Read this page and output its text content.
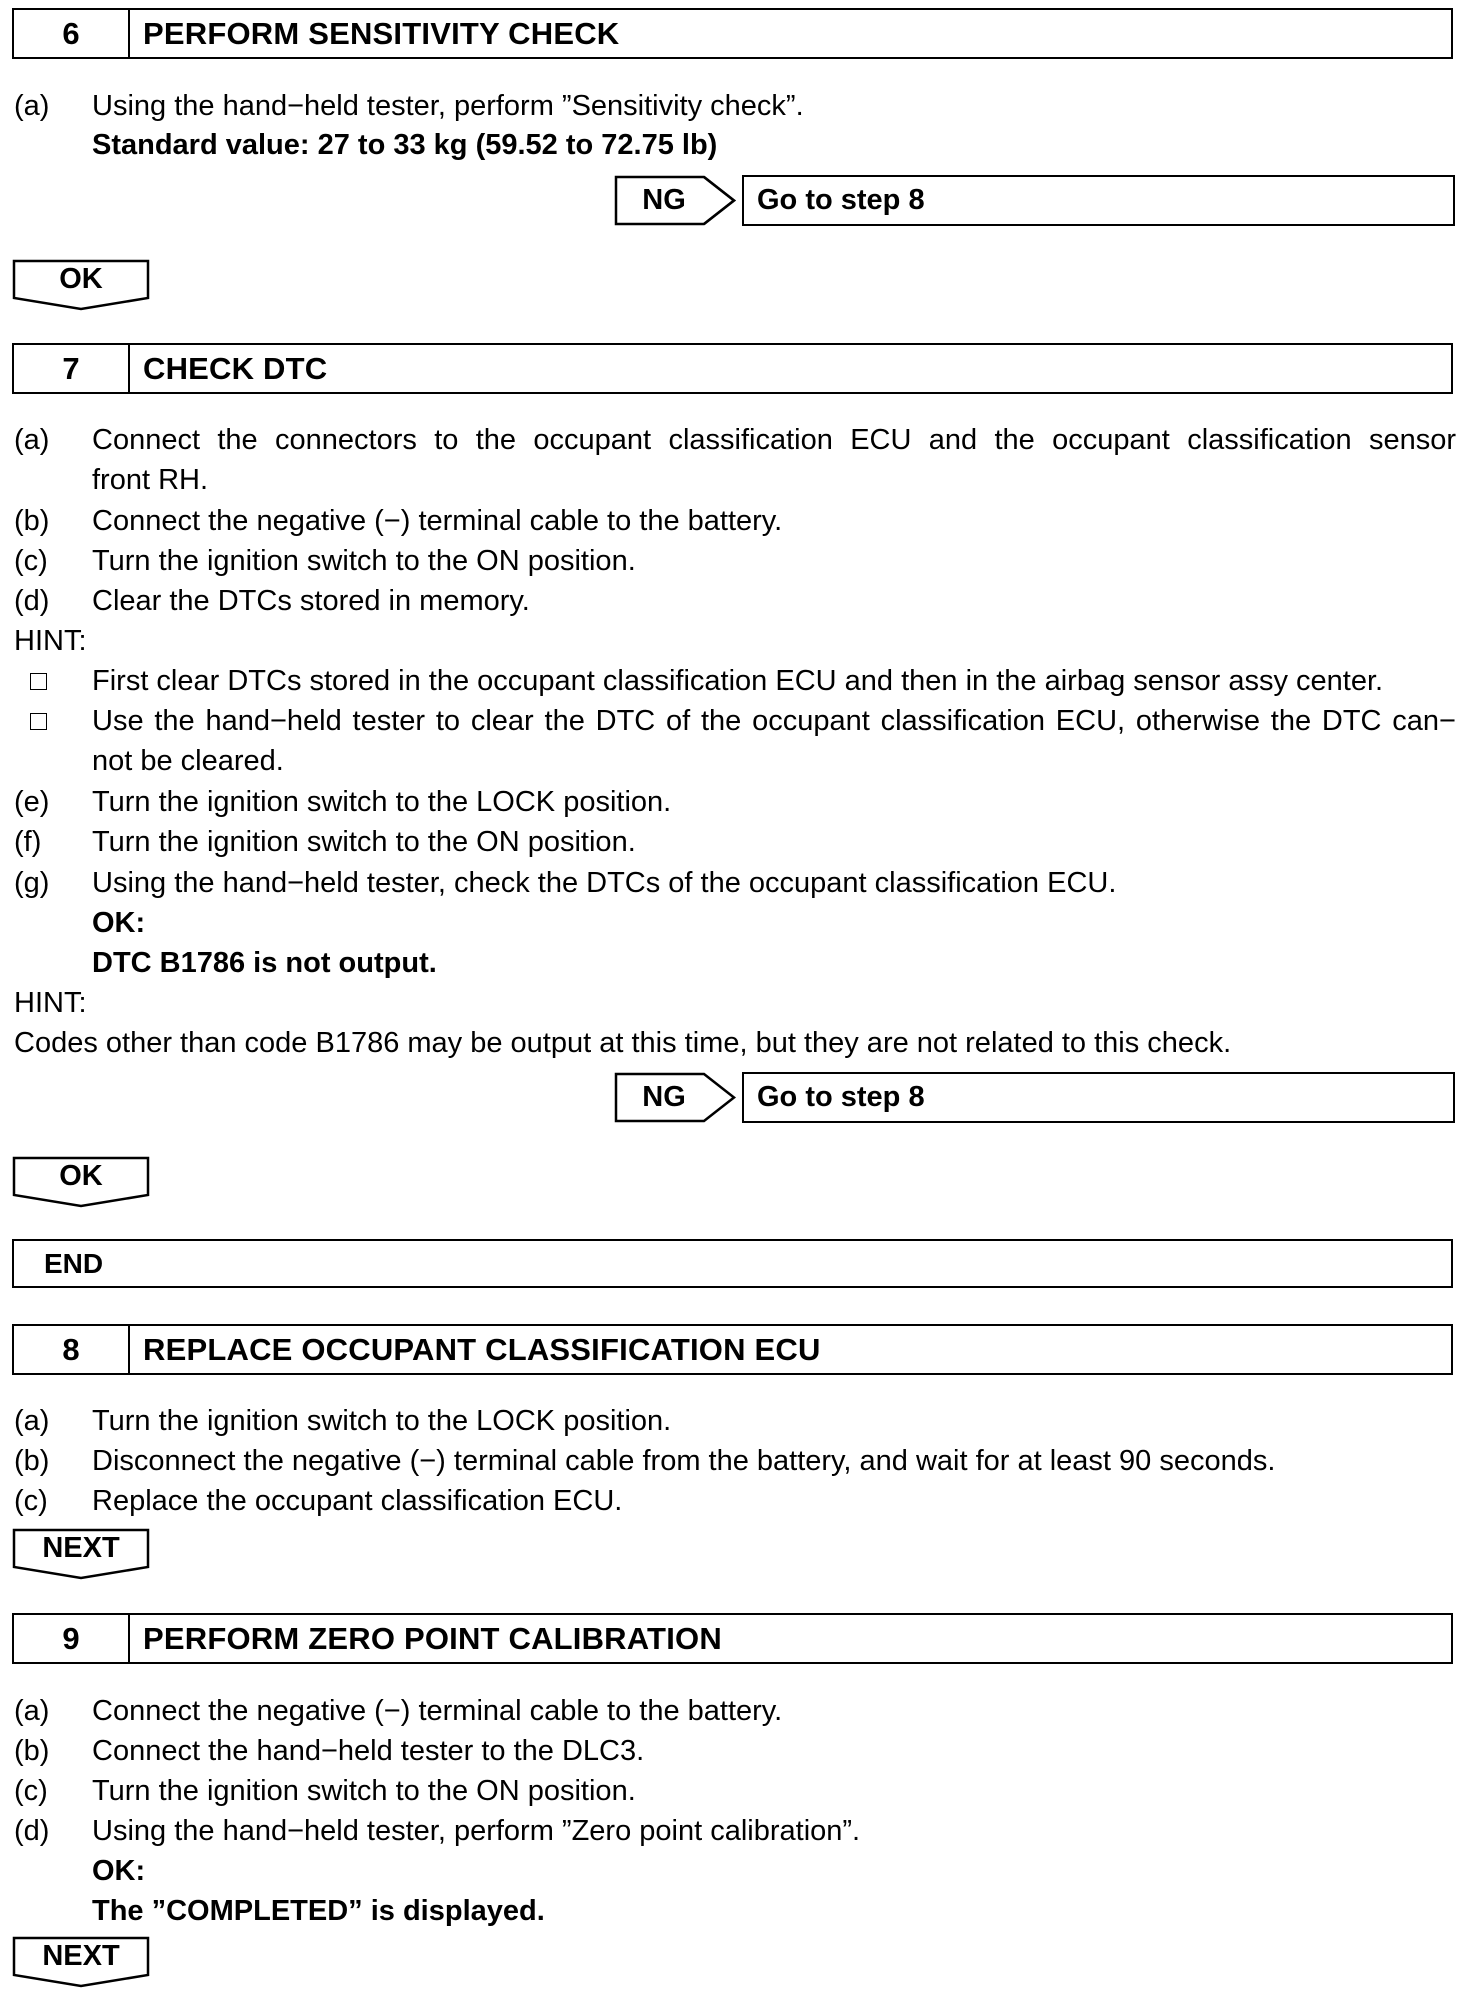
6	PERFORM SENSITIVITY CHECK
(a) Using the hand−held tester, perform ”Sensitivity check”.
Standard value: 27 to 33 kg (59.52 to 72.75 lb)
NG	Go to step 8
OK
7	CHECK DTC
(a) Connect the connectors to the occupant classification ECU and the occupant classification sensor
front RH.
(b) Connect the negative (−) terminal cable to the battery.
(c) Turn the ignition switch to the ON position.
(d) Clear the DTCs stored in memory.
HINT:
First clear DTCs stored in the occupant classification ECU and then in the airbag sensor assy center.
Use the hand−held tester to clear the DTC of the occupant classification ECU, otherwise the DTC can−
not be cleared.
(e) Turn the ignition switch to the LOCK position.
(f) Turn the ignition switch to the ON position.
(g) Using the hand−held tester, check the DTCs of the occupant classification ECU.
OK:
DTC B1786 is not output.
HINT:
Codes other than code B1786 may be output at this time, but they are not related to this check.
NG	Go to step 8
OK
END
8	REPLACE OCCUPANT CLASSIFICATION ECU
(a) Turn the ignition switch to the LOCK position.
(b) Disconnect the negative (−) terminal cable from the battery, and wait for at least 90 seconds.
(c) Replace the occupant classification ECU.
NEXT
9	PERFORM ZERO POINT CALIBRATION
(a) Connect the negative (−) terminal cable to the battery.
(b) Connect the hand−held tester to the DLC3.
(c) Turn the ignition switch to the ON position.
(d) Using the hand−held tester, perform ”Zero point calibration”.
OK:
The ”COMPLETED” is displayed.
NEXT
